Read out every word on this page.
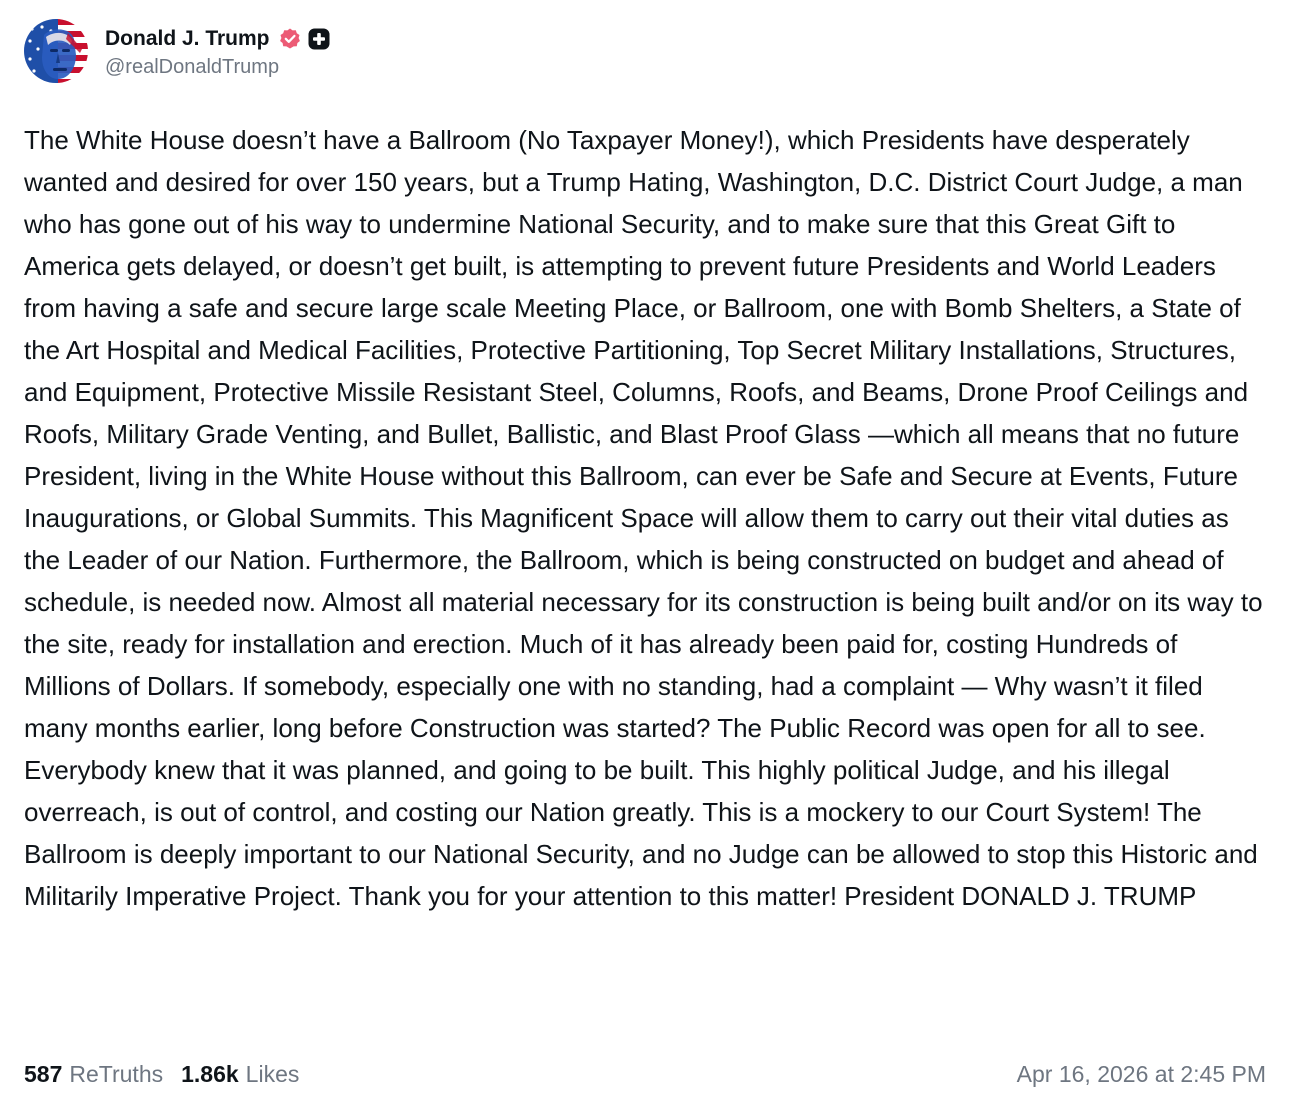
Donald J. Trump
@realDonaldTrump
The White House doesn’t have a Ballroom (No Taxpayer Money!), which Presidents have desperately wanted and desired for over 150 years, but a Trump Hating, Washington, D.C. District Court Judge, a man who has gone out of his way to undermine National Security, and to make sure that this Great Gift to America gets delayed, or doesn’t get built, is attempting to prevent future Presidents and World Leaders from having a safe and secure large scale Meeting Place, or Ballroom, one with Bomb Shelters, a State of the Art Hospital and Medical Facilities, Protective Partitioning, Top Secret Military Installations, Structures, and Equipment, Protective Missile Resistant Steel, Columns, Roofs, and Beams, Drone Proof Ceilings and Roofs, Military Grade Venting, and Bullet, Ballistic, and Blast Proof Glass —which all means that no future President, living in the White House without this Ballroom, can ever be Safe and Secure at Events, Future Inaugurations, or Global Summits. This Magnificent Space will allow them to carry out their vital duties as the Leader of our Nation. Furthermore, the Ballroom, which is being constructed on budget and ahead of schedule, is needed now. Almost all material necessary for its construction is being built and/or on its way to the site, ready for installation and erection. Much of it has already been paid for, costing Hundreds of Millions of Dollars. If somebody, especially one with no standing, had a complaint — Why wasn’t it filed many months earlier, long before Construction was started? The Public Record was open for all to see. Everybody knew that it was planned, and going to be built. This highly political Judge, and his illegal overreach, is out of control, and costing our Nation greatly. This is a mockery to our Court System! The Ballroom is deeply important to our National Security, and no Judge can be allowed to stop this Historic and Militarily Imperative Project. Thank you for your attention to this matter! President DONALD J. TRUMP
587 ReTruths 1.86k Likes	Apr 16, 2026 at 2:45 PM
